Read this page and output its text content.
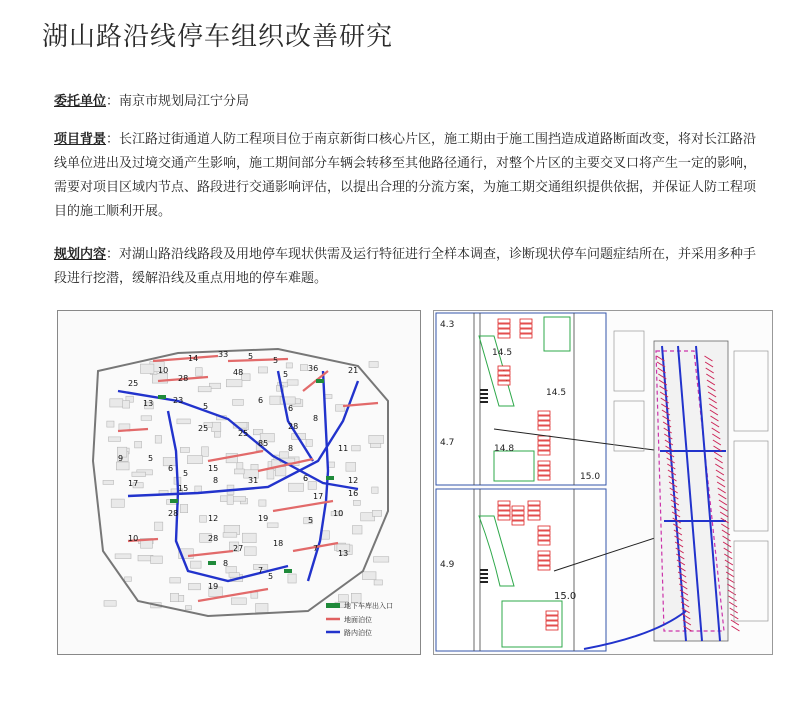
湖山路沿线停车组织改善研究
委托单位：南京市规划局江宁分局
项目背景：长江路过街通道人防工程项目位于南京新街口核心片区，施工期由于施工围挡造成道路断面改变，将对长江路沿线单位进出及过境交通产生影响，施工期间部分车辆会转移至其他路径通行，对整个片区的主要交叉口将产生一定的影响，需要对项目区域内节点、路段进行交通影响评估，以提出合理的分流方案，为施工期交通组织提供依据，并保证人防工程项目的施工顺利开展。
规划内容：对湖山路沿线路段及用地停车现状供需及运行特征进行全样本调查，诊断现状停车问题症结所在，并采用多种手段进行挖潜，缓解沿线及重点用地的停车难题。
14 33 5 5
10
28
48	5
36	21
25
13 23
5
6
6
25
25
28
8
85
8	11
9	5
6
5
15
17
15
8	31	6	12
17	16
28
12	19	5
10
10	28
27
18
7
13
8
7
19
5
地下车库出入口
地面泊位
路内泊位
4.3
14.5
14.5
4.7
14.8
15.0
4.9
15.0
